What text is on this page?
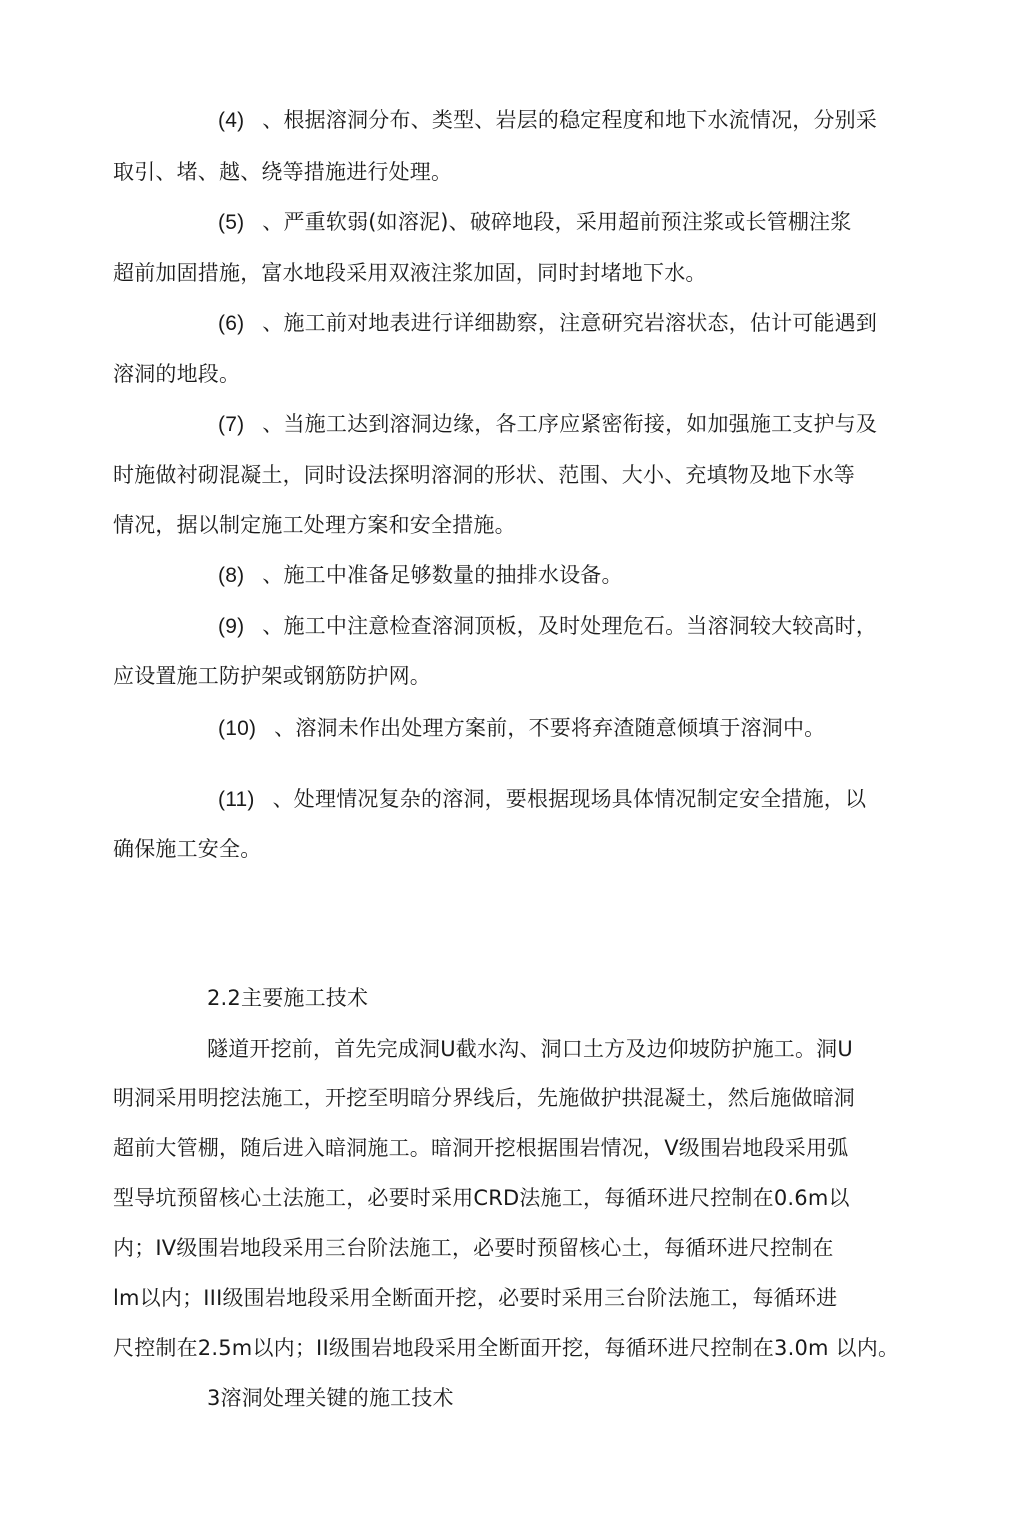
(4) 、根据溶洞分布、类型、岩层的稳定程度和地下水流情况，分别采
取引、堵、越、绕等措施进行处理。
(5) 、严重软弱(如溶泥)、破碎地段，采用超前预注浆或长管棚注浆
超前加固措施，富水地段采用双液注浆加固，同时封堵地下水。
(6) 、施工前对地表进行详细勘察，注意研究岩溶状态，估计可能遇到
溶洞的地段。
(7) 、当施工达到溶洞边缘，各工序应紧密衔接，如加强施工支护与及
时施做衬砌混凝土，同时设法探明溶洞的形状、范围、大小、充填物及地下水等
情况，据以制定施工处理方案和安全措施。
(8) 、施工中准备足够数量的抽排水设备。
(9) 、施工中注意检查溶洞顶板，及时处理危石。当溶洞较大较高时，
应设置施工防护架或钢筋防护网。
(10) 、溶洞未作出处理方案前，不要将弃渣随意倾填于溶洞中。
(11) 、处理情况复杂的溶洞，要根据现场具体情况制定安全措施，以
确保施工安全。
2.2主要施工技术
隧道开挖前，首先完成洞U截水沟、洞口土方及边仰坡防护施工。洞U
明洞采用明挖法施工，开挖至明暗分界线后，先施做护拱混凝土，然后施做暗洞
超前大管棚，随后进入暗洞施工。暗洞开挖根据围岩情况，V级围岩地段采用弧
型导坑预留核心土法施工，必要时采用CRD法施工，每循环进尺控制在0.6m以
内；IV级围岩地段采用三台阶法施工，必要时预留核心土，每循环进尺控制在
lm以内；III级围岩地段采用全断面开挖，必要时采用三台阶法施工，每循环进
尺控制在2.5m以内；II级围岩地段采用全断面开挖，每循环进尺控制在3.0m 以内。
3溶洞处理关键的施工技术
